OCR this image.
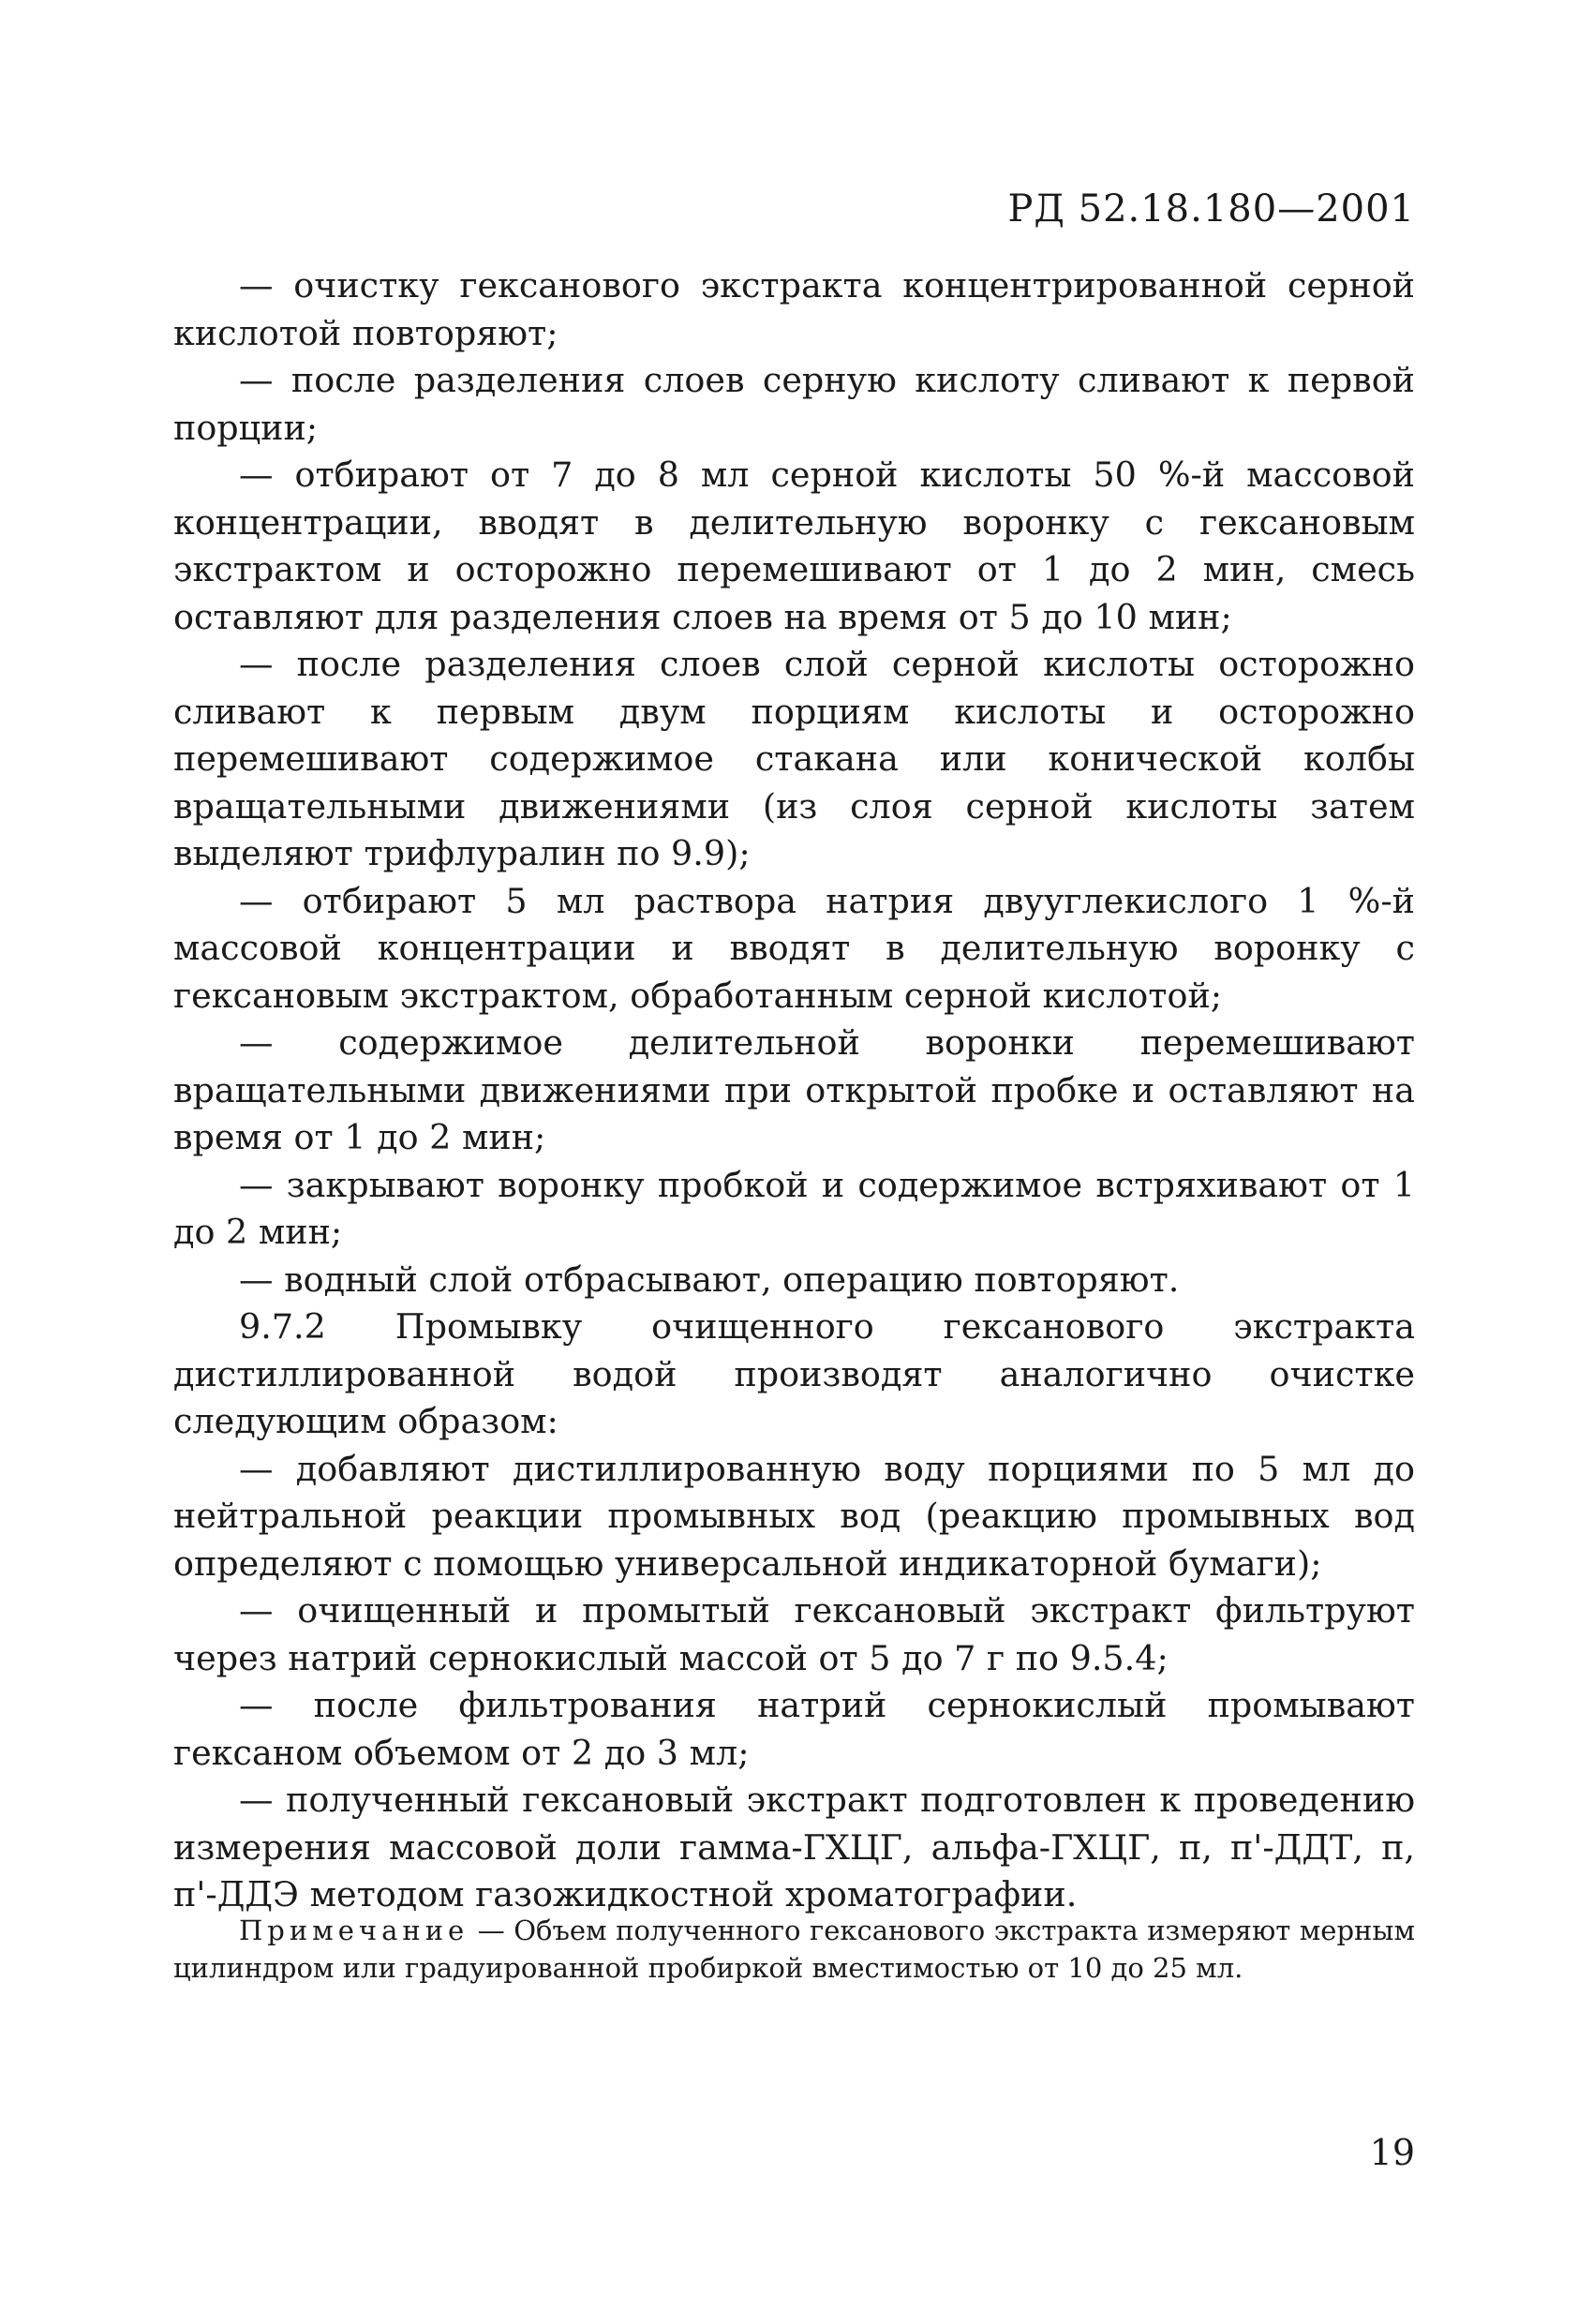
РД 52.18.180—2001

— очистку гексанового экстракта концентрированной серной кислотой повторяют;

— после разделения слоев серную кислоту сливают к первой порции;

— отбирают от 7 до 8 мл серной кислоты 50 %-й массовой концентрации, вводят в делительную воронку с гексановым экстрактом и осторожно перемешивают от 1 до 2 мин, смесь оставляют для разделения слоев на время от 5 до 10 мин;

— после разделения слоев слой серной кислоты осторожно сливают к первым двум порциям кислоты и осторожно перемешивают содержимое стакана или конической колбы вращательными движениями (из слоя серной кислоты затем выделяют трифлуралин по 9.9);

— отбирают 5 мл раствора натрия двууглекислого 1 %-й массовой концентрации и вводят в делительную воронку с гексановым экстрактом, обработанным серной кислотой;

— содержимое делительной воронки перемешивают вращательными движениями при открытой пробке и оставляют на время от 1 до 2 мин;

— закрывают воронку пробкой и содержимое встряхивают от 1 до 2 мин;

— водный слой отбрасывают, операцию повторяют.

9.7.2 Промывку очищенного гексанового экстракта дистиллированной водой производят аналогично очистке следующим образом:

— добавляют дистиллированную воду порциями по 5 мл до нейтральной реакции промывных вод (реакцию промывных вод определяют с помощью универсальной индикаторной бумаги);

— очищенный и промытый гексановый экстракт фильтруют через натрий сернокислый массой от 5 до 7 г по 9.5.4;

— после фильтрования натрий сернокислый промывают гексаном объемом от 2 до 3 мл;

— полученный гексановый экстракт подготовлен к проведению измерения массовой доли гамма-ГХЦГ, альфа-ГХЦГ, п, п'-ДДТ, п, п'-ДДЭ методом газожидкостной хроматографии.

Примечание — Объем полученного гексанового экстракта измеряют мерным цилиндром или градуированной пробиркой вместимостью от 10 до 25 мл.

19
